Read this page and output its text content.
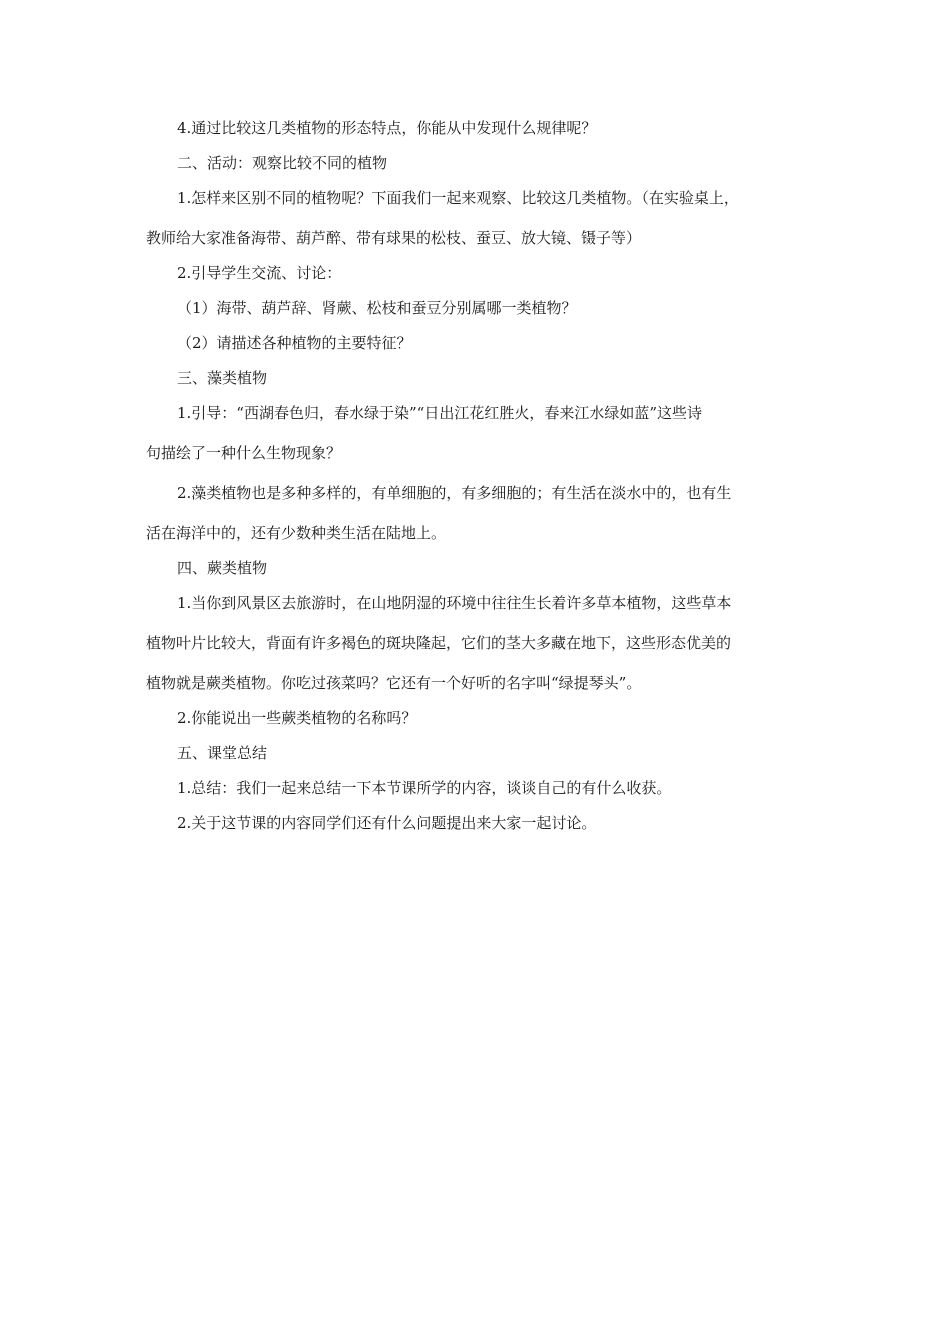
4.通过比较这几类植物的形态特点，你能从中发现什么规律呢？

二、活动：观察比较不同的植物

1.怎样来区别不同的植物呢？下面我们一起来观察、比较这几类植物。（在实验桌上，

教师给大家准备海带、葫芦醉、带有球果的松枝、蚕豆、放大镜、镊子等）

2.引导学生交流、讨论：

（1）海带、葫芦辞、肾蕨、松枝和蚕豆分别属哪一类植物？

（2）请描述各种植物的主要特征？

三、藻类植物

1.引导：“西湖春色归，春水绿于染”“日出江花红胜火，春来江水绿如蓝”这些诗

句描绘了一种什么生物现象？

2.藻类植物也是多种多样的，有单细胞的，有多细胞的；有生活在淡水中的，也有生

活在海洋中的，还有少数种类生活在陆地上。

四、蕨类植物

1.当你到风景区去旅游时，在山地阴湿的环境中往往生长着许多草本植物，这些草本

植物叶片比较大，背面有许多褐色的斑块隆起，它们的茎大多藏在地下，这些形态优美的

植物就是蕨类植物。你吃过孩菜吗？它还有一个好听的名字叫“绿提琴头”。

2.你能说出一些蕨类植物的名称吗？

五、课堂总结

1.总结：我们一起来总结一下本节课所学的内容，谈谈自己的有什么收获。

2.关于这节课的内容同学们还有什么问题提出来大家一起讨论。
